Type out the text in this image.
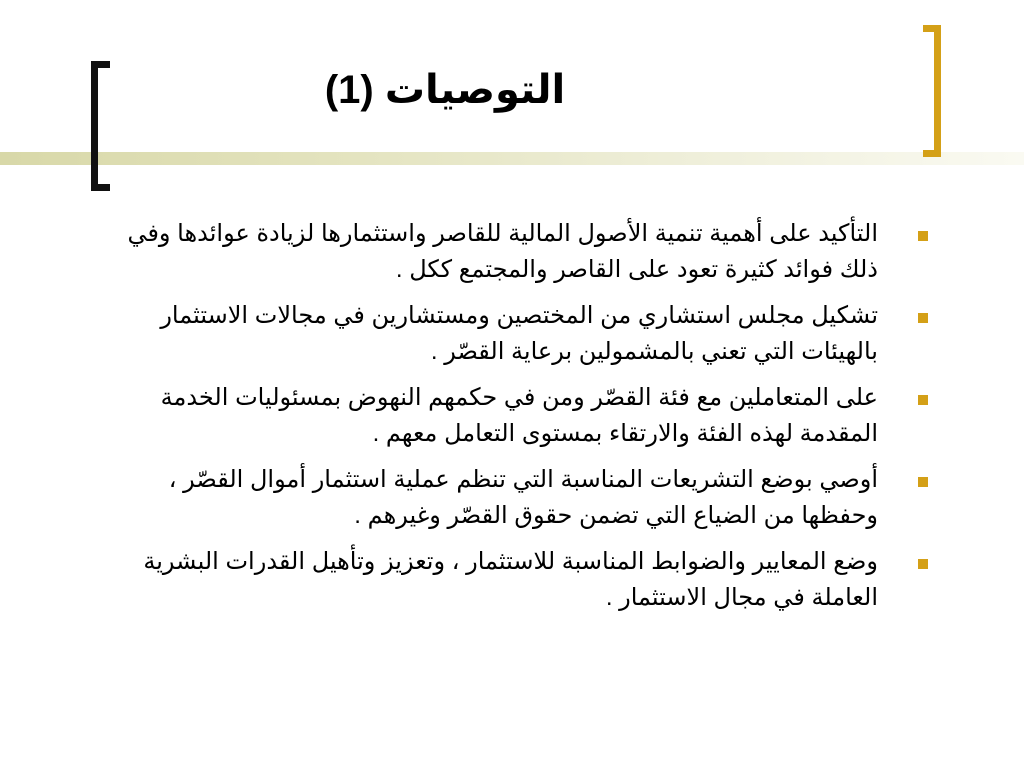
التوصيات (1)
التأكيد على أهمية تنمية الأصول المالية للقاصر واستثمارها لزيادة عوائدها وفي ذلك فوائد كثيرة تعود على القاصر والمجتمع ككل .
تشكيل مجلس استشاري من المختصين ومستشارين في مجالات الاستثمار بالهيئات التي تعني بالمشمولين برعاية القصّر .
على المتعاملين مع فئة القصّر ومن في حكمهم النهوض بمسئوليات الخدمة المقدمة لهذه الفئة والارتقاء بمستوى التعامل معهم .
أوصي بوضع التشريعات المناسبة التي تنظم عملية استثمار أموال القصّر ، وحفظها من الضياع التي تضمن حقوق القصّر وغيرهم .
وضع المعايير والضوابط المناسبة للاستثمار ، وتعزيز وتأهيل القدرات البشرية العاملة في مجال الاستثمار .
